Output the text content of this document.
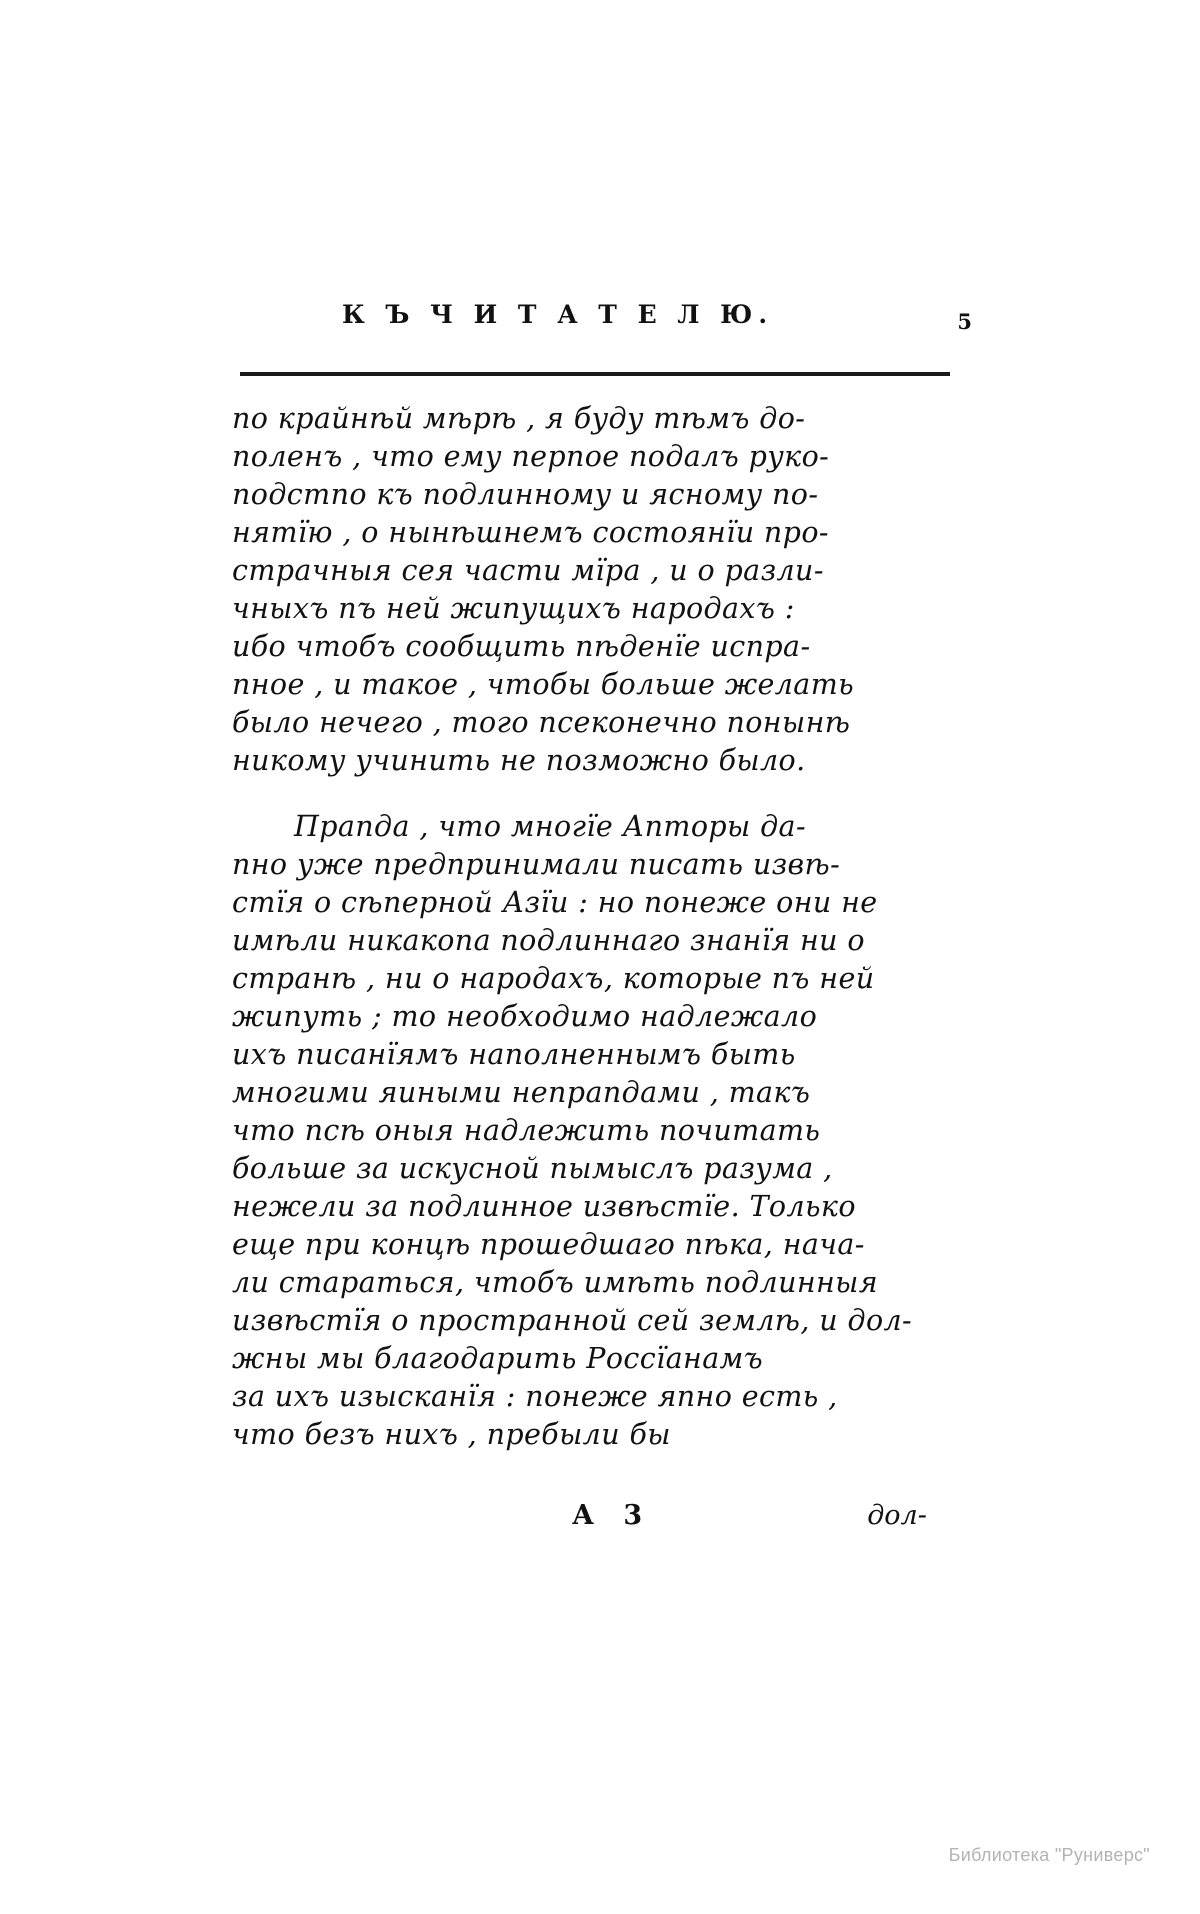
К Ъ Ч И Т А Т Е Л Ю.	5
по крайнѣй мѣрѣ , я буду тѣмъ до-
поленъ , что ему перпое подалъ руко-
подстпо къ подлинному и ясному по-
нятїю , о нынѣшнемъ состоянїи про-
страчныя сея части мїра , и о разли-
чныхъ пъ ней жипущихъ народахъ :
ибо чтобъ сообщить пѣденїе испра-
пное , и такое , чтобы больше желать
было нечего , того псеконечно понынѣ
никому учинить не позможно было.
Прапда , что многїе Апторы да-
пно уже предпринимали писать извѣ-
стїя о сѣперной Азїи : но понеже они не
имѣли никакопа подлиннаго знанїя ни о
странѣ , ни о народахъ, которые пъ ней
жипуть ; то необходимо надлежало
ихъ писанїямъ наполненнымъ быть
многими яиными непрапдами , такъ
что псѣ оныя надлежить почитать
больше за искусной пымыслъ разума ,
нежели за подлинное извѣстїе. Только
еще при концѣ прошедшаго пѣка, нача-
ли стараться, чтобъ имѣть подлинныя
извѣстїя о пространной сей землѣ, и дол-
жны мы благодарить Россїанамъ
за ихъ изысканїя : понеже япно есть ,
что безъ нихъ , пребыли бы
А 3	дол-
Библиотека "Руниверс"
